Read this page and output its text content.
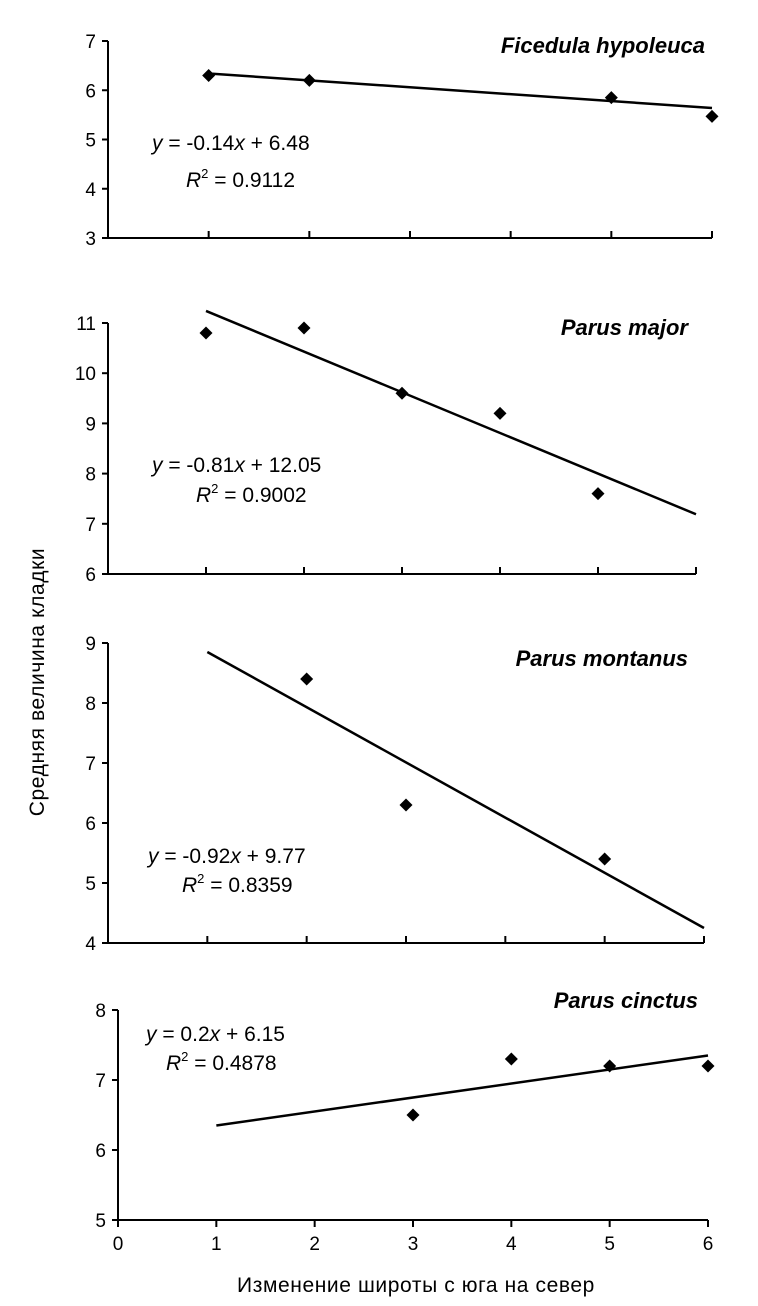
Средняя величина кладки
Изменение широты с юга на север
3
4
5
6
7	Ficedula hypoleuca
y = -0.14x + 6.48
$R^2 = 0.9112$
6
7
8
9
10
11	Parus major
y = -0.81x + 12.05
$R^2 = 0.9002$
4
5
6
7
8
9
Parus montanus
y = -0.92x + 9.77
$R^2 = 0.8359$
5
6
7
8
0	1	2	3	4	5	6
Parus cinctus
y = 0.2x + 6.15
$R^2 = 0.4878$
